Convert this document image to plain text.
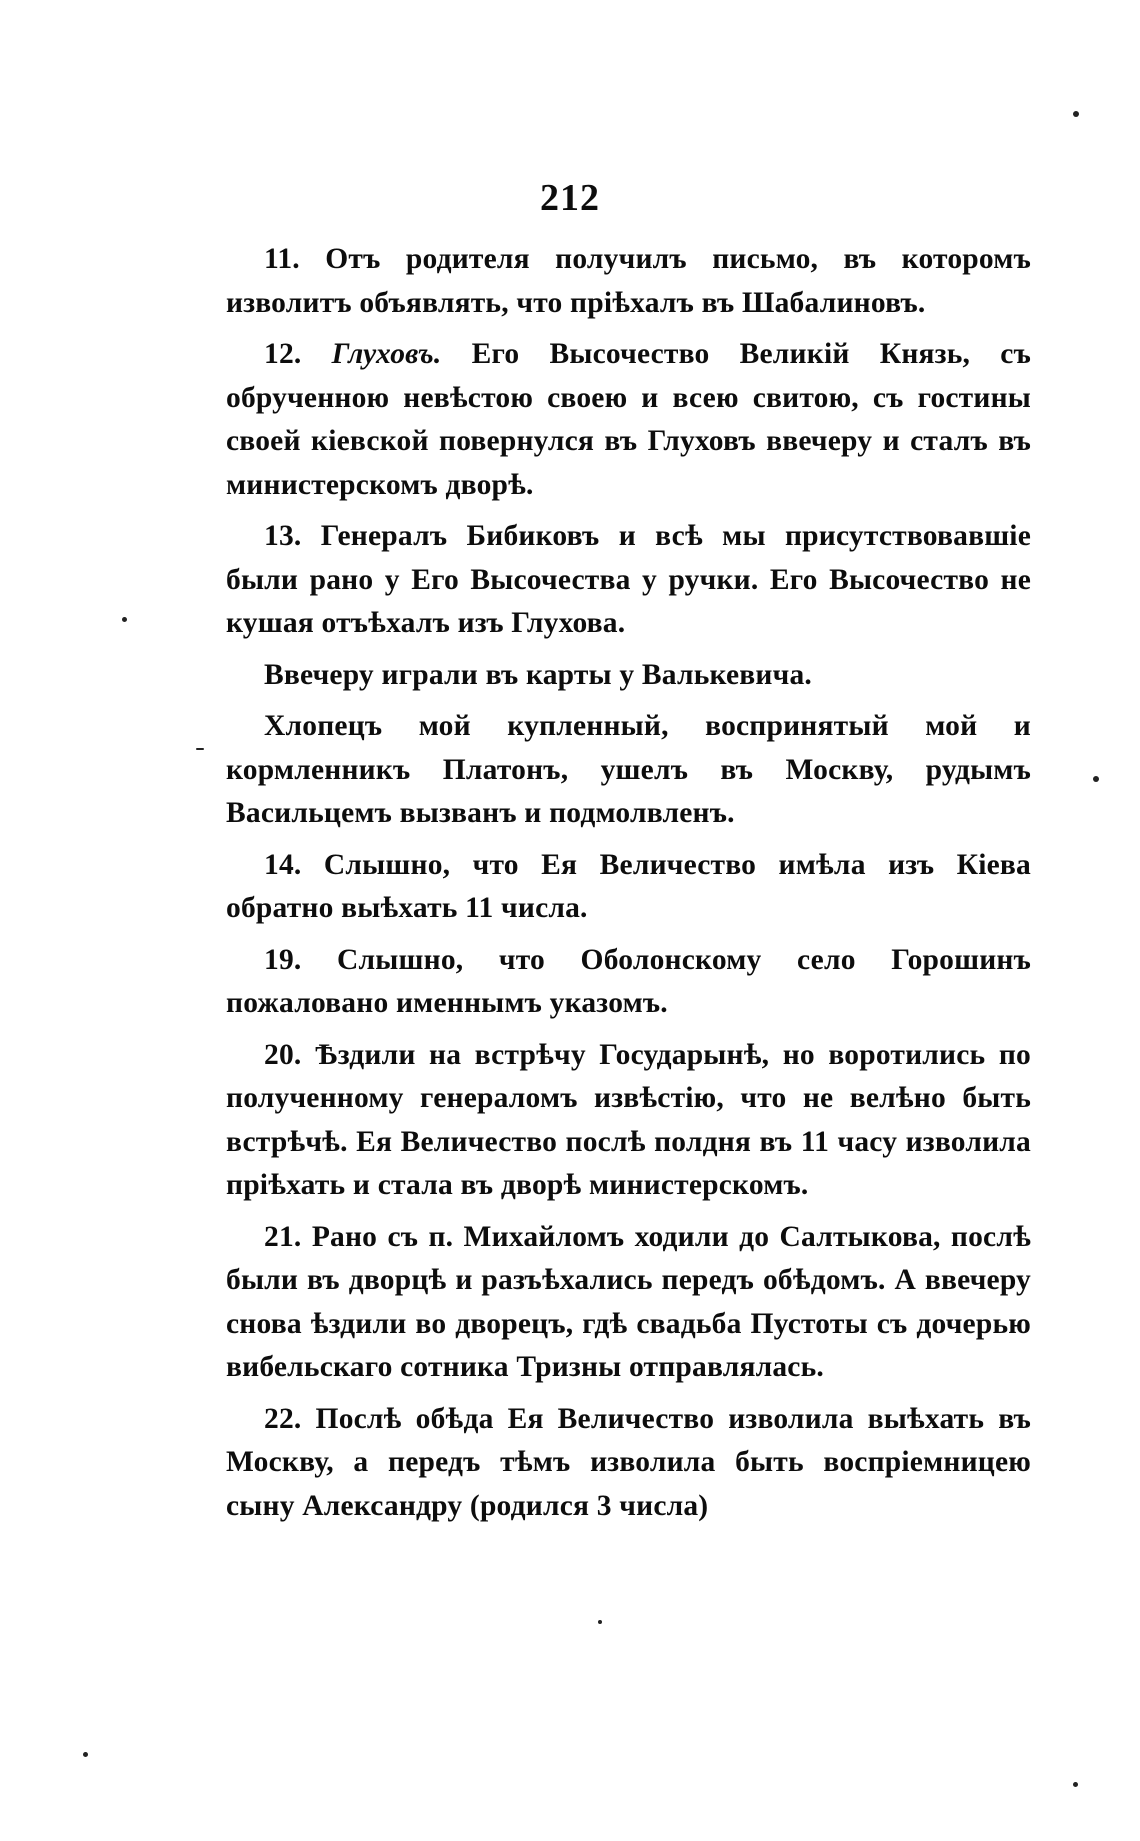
212

11. Отъ родителя получилъ письмо, въ которомъ изволитъ объявлять, что пріѣхалъ въ Шабалиновъ.

12. Глуховъ. Его Высочество Великій Князь, съ обрученною невѣстою своею и всею свитою, съ гостины своей кіевской повернулся въ Глуховъ ввечеру и сталъ въ министерскомъ дворѣ.

13. Генералъ Бибиковъ и всѣ мы присутствовавшіе были рано у Его Высочества у ручки. Его Высочество не кушая отъѣхалъ изъ Глухова.

Ввечеру играли въ карты у Валькевича.

Хлопецъ мой купленный, воспринятый мой и кормленникъ Платонъ, ушелъ въ Москву, рудымъ Васильцемъ вызванъ и подмолвленъ.

14. Слышно, что Ея Величество имѣла изъ Кіева обратно выѣхать 11 числа.

19. Слышно, что Оболонскому село Горошинъ пожаловано именнымъ указомъ.

20. Ѣздили на встрѣчу Государынѣ, но воротились по полученному генераломъ извѣстію, что не велѣно быть встрѣчѣ. Ея Величество послѣ полдня въ 11 часу изволила пріѣхать и стала въ дворѣ министерскомъ.

21. Рано съ п. Михайломъ ходили до Салтыкова, послѣ были въ дворцѣ и разъѣхались передъ обѣдомъ. А ввечеру снова ѣздили во дворецъ, гдѣ свадьба Пустоты съ дочерью вибельскаго сотника Тризны отправлялась.

22. Послѣ обѣда Ея Величество изволила выѣхать въ Москву, а передъ тѣмъ изволила быть воспріемницею сыну Александру (родился 3 числа)
